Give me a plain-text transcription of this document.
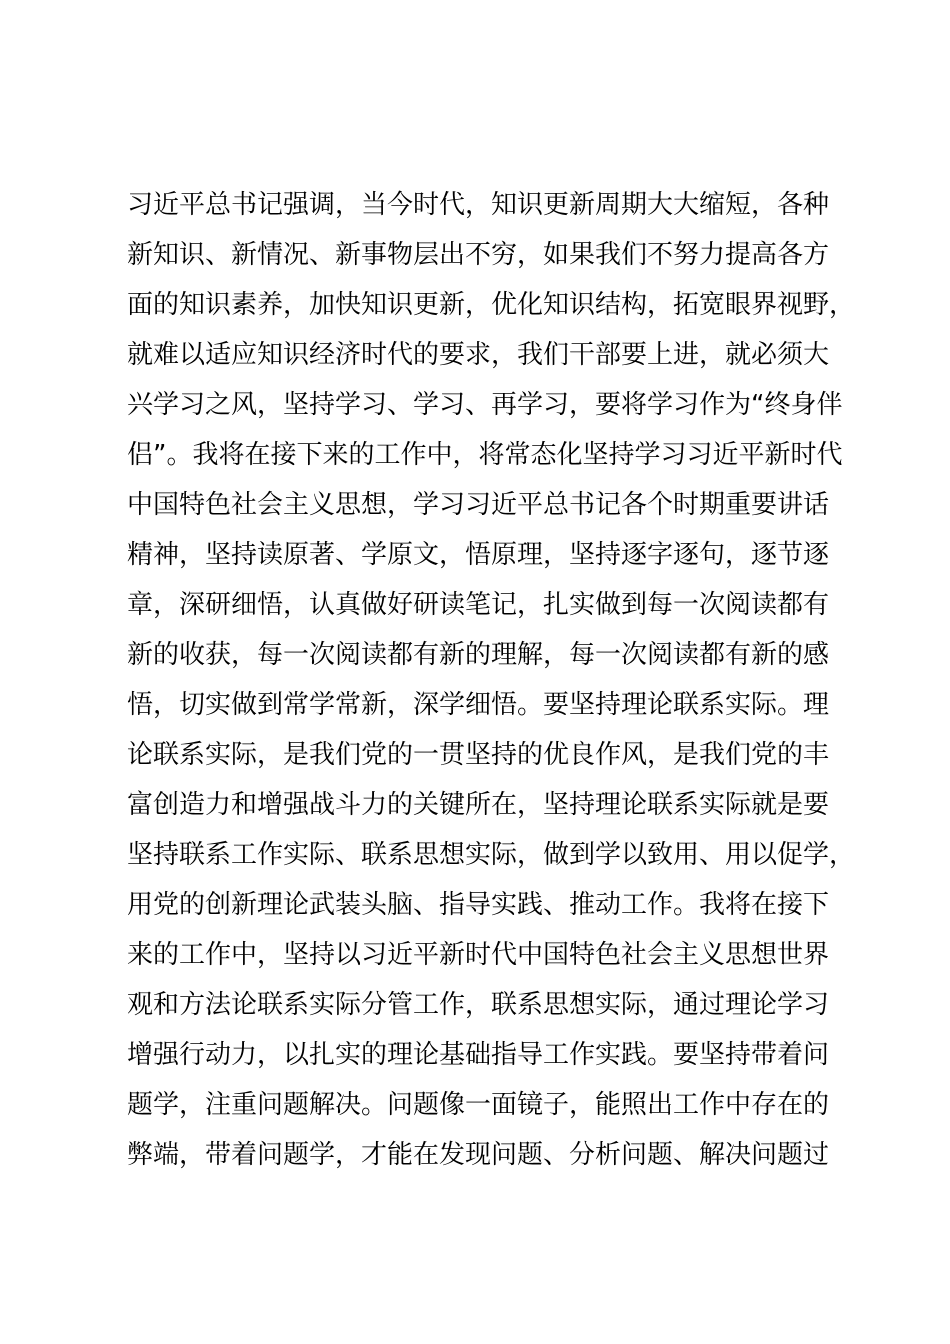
习近平总书记强调，当今时代，知识更新周期大大缩短，各种
新知识、新情况、新事物层出不穷，如果我们不努力提高各方
面的知识素养，加快知识更新，优化知识结构，拓宽眼界视野，
就难以适应知识经济时代的要求，我们干部要上进，就必须大
兴学习之风，坚持学习、学习、再学习，要将学习作为“终身伴
侣”。我将在接下来的工作中，将常态化坚持学习习近平新时代
中国特色社会主义思想，学习习近平总书记各个时期重要讲话
精神，坚持读原著、学原文，悟原理，坚持逐字逐句，逐节逐
章，深研细悟，认真做好研读笔记，扎实做到每一次阅读都有
新的收获，每一次阅读都有新的理解，每一次阅读都有新的感
悟，切实做到常学常新，深学细悟。要坚持理论联系实际。理
论联系实际，是我们党的一贯坚持的优良作风，是我们党的丰
富创造力和增强战斗力的关键所在，坚持理论联系实际就是要
坚持联系工作实际、联系思想实际，做到学以致用、用以促学，
用党的创新理论武装头脑、指导实践、推动工作。我将在接下
来的工作中，坚持以习近平新时代中国特色社会主义思想世界
观和方法论联系实际分管工作，联系思想实际，通过理论学习
增强行动力，以扎实的理论基础指导工作实践。要坚持带着问
题学，注重问题解决。问题像一面镜子，能照出工作中存在的
弊端，带着问题学，才能在发现问题、分析问题、解决问题过
